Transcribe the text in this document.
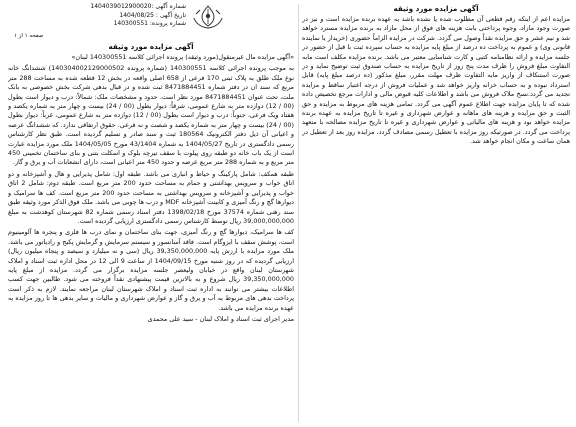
شماره آگهی :1404039012900020
تاریخ آگهی : 1404/08/25
شماره پرونده: 140300551
صفحه ۱ از ۱
آگهی مزایده مورد وثیقه

مزایده اعم از اینکه رقم قطعی آن مطلوب شده یا نشده باشد به عهده برنده مزایده است و نیز در صورت وجود مازاد، وجوه پرداختی بابت هزینه های فوق از محل مازاد به برنده مزایده مسترد خواهد شد و نیم عشر و حق مزایده نقداً وصول می گردد. شرکت در مزایده الزاماً حضوری (خریدار یا نماینده قانونی وی) و عموم به پرداخت ده درصد از مبلغ پایه مزایده به حساب سپرده ثبت با قبل از حضور در جلسه مزایده و ارائه نظامنامه کتبی و کارت شناسایی معتبر می باشد. برنده مزایده مکلف است مابه التفاوت مبلغ فروش را ظرف مدت پنج روز از تاریخ مزایده به حساب صندوق ثبت توضیح نماید و در صورت استنکاف از واریز مابه التفاوت ظرف مهلت مقرر، مبلغ مذکور (ده درصد مبلغ پایه) قابل استرداد نبوده و به حساب خزانه واریز خواهد شد و عملیات فروش از درجه اعتبار ساقط و مزایده تجدید می گردد.نسخ ملاک فروش می باشد و اطلاعات کلیه قبوض مالی و ادارات مرجع تخصیص داده شده که تا پایان مزایده جهت اطلاع عموم آگهی می گردد. تمامی هزینه های مربوط به مزایده و حق الثبت و حق مزایده و هزینه های ماهانه و عوارض شهرداری و غیره تا تاریخ مزایده به عهده برنده مزایده خواهد بود و هزینه های مالیاتی و عوارض شهرداری و غیره تا تاریخ مزایده مصالحه با متعهد پرداخت می گردد. در صورتیکه روز مزایده با تعطیل رسمی مصادف گردد، مزایده روز بعد از تعطیل در همان ساعت و مکان انجام خواهد شد.

آگهی مزایده مورد وثیقه

«آگهی مزایده مال غیرمنقول(مورد وثیقه) پرونده اجرائی کلاسه 140300551 لبنان»

به موجب پرونده اجرائی کلاسه 140300551 (شماره پرونده 140304002129000502) ششدانگ خانه نوع ملک طلق به پلاک ثبتی 170 فرعی از 658 اصلی واقعه در بخش 12 قطعه شده به مساحت 288 متر مربع که سند ان در دفتر شماره 8471884451 ثبت شده و در قبال بدهی شرکت بخش خصوصی به بانک ملت، تحت عنوان 8471884451 مورد نظر است. حدود و مشخصات ملک: شمالاً: درب و دیوار است بطول (00 / 12) دوازده متر به شارع عمومی، شرقاً: دیوار بطول (00 / 24) بیست و چهار متر به شماره یکصد و هفتاد ویک فرعی، جنوباً: درب و دیوار است بطول (00 / 12) دوازده متر به شارع عمومی، غرباً: دیوار بطول (00 / 24) بیست و چهار متر به شماره یکصد و شصت و نه فرعی. حقوق ارتفاقی ندارد. که ششدانگ عرصه و اعیانی آن ذیل دفتر الکترونیک 180564 ثبت و سند صادر و تسلیم گردیده است. طبق نظر کارشناس رسمی دادگستری در تاریخ 1404/05/27 به شماره 43/1404 مورخ 1404/05/05 ملک مورد مزایده عبارت است از یک باب خانه دو طبقه روی پیلوت با سقف تیرچه بلوک و اسکلت بتنی و بنای ساختمان تخمینی 450 متر مربع و به شماره 288 متر مربع عرصه و حدود 450 متر اعیانی است، دارای انشعابات آب و برق و گاز.

طبقه همکف: شامل پارکینگ و حیاط و انباری می باشد. طبقه اول: شامل پذیرایی و هال و آشپزخانه و دو اتاق خواب و سرویس بهداشتی و حمام به مساحت حدود 200 متر مربع است. طبقه دوم: شامل 2 اتاق خواب و پذیرایی و آشپزخانه و سرویس بهداشتی به مساحت حدود 200 متر مربع است. کف ها سرامیک و دیوارها گچ و رنگ آمیزی و کابینت آشپزخانه MDF و درب ها چوبی می باشد. ملک فوق الذکر مورد وثیقه طبق سند رهنی شماره 37574 مورخ 1398/02/18 دفتر اسناد رسمی شماره 82 شهرستان کوهدشت به مبلغ 39,000,000,000 ریال توسط کارشناس رسمی دادگستری ارزیابی گردیده است.

کف ها سرامیک، دیوارها گچ و رنگ آمیزی، جهت بنای ساختمان و نمای درب ها فلزی و پنجره ها آلومینیوم است، پوشش سقف با ایزوگام است. فاقد آسانسور و سیستم سرمایش و گرمایش پکیج و رادیاتور می باشد. ملک مورد مزایده با ارزش پایه 39,350,000,000 ریال (سی و نه میلیارد و سیصد و پنجاه میلیون ریال) ارزیابی گردیده که در روز شنبه مورخ 1404/09/15 از ساعت 9 الی 12 در محل اداره ثبت اسناد و املاک شهرستان لبنان واقع در خیابان ولیعصر جلسه مزایده برگزار می گردد. مزایده از مبلغ پایه 39,350,000,000 ریال شروع و به بالاترین قیمت پیشنهادی نقداً فروخته می شود. طالبین جهت کسب اطلاعات بیشتر می توانند به اداره ثبت اسناد و املاک شهرستان لبنان مراجعه نمایند. لازم به ذکر است پرداخت بدهی های مربوط به آب و برق و گاز و عوارض شهرداری و مالیات و سایر بدهی ها تا روز مزایده به عهده برنده مزایده می باشد.

مدیر اجرای ثبت اسناد و املاک لبنان - سید علی محمدی
